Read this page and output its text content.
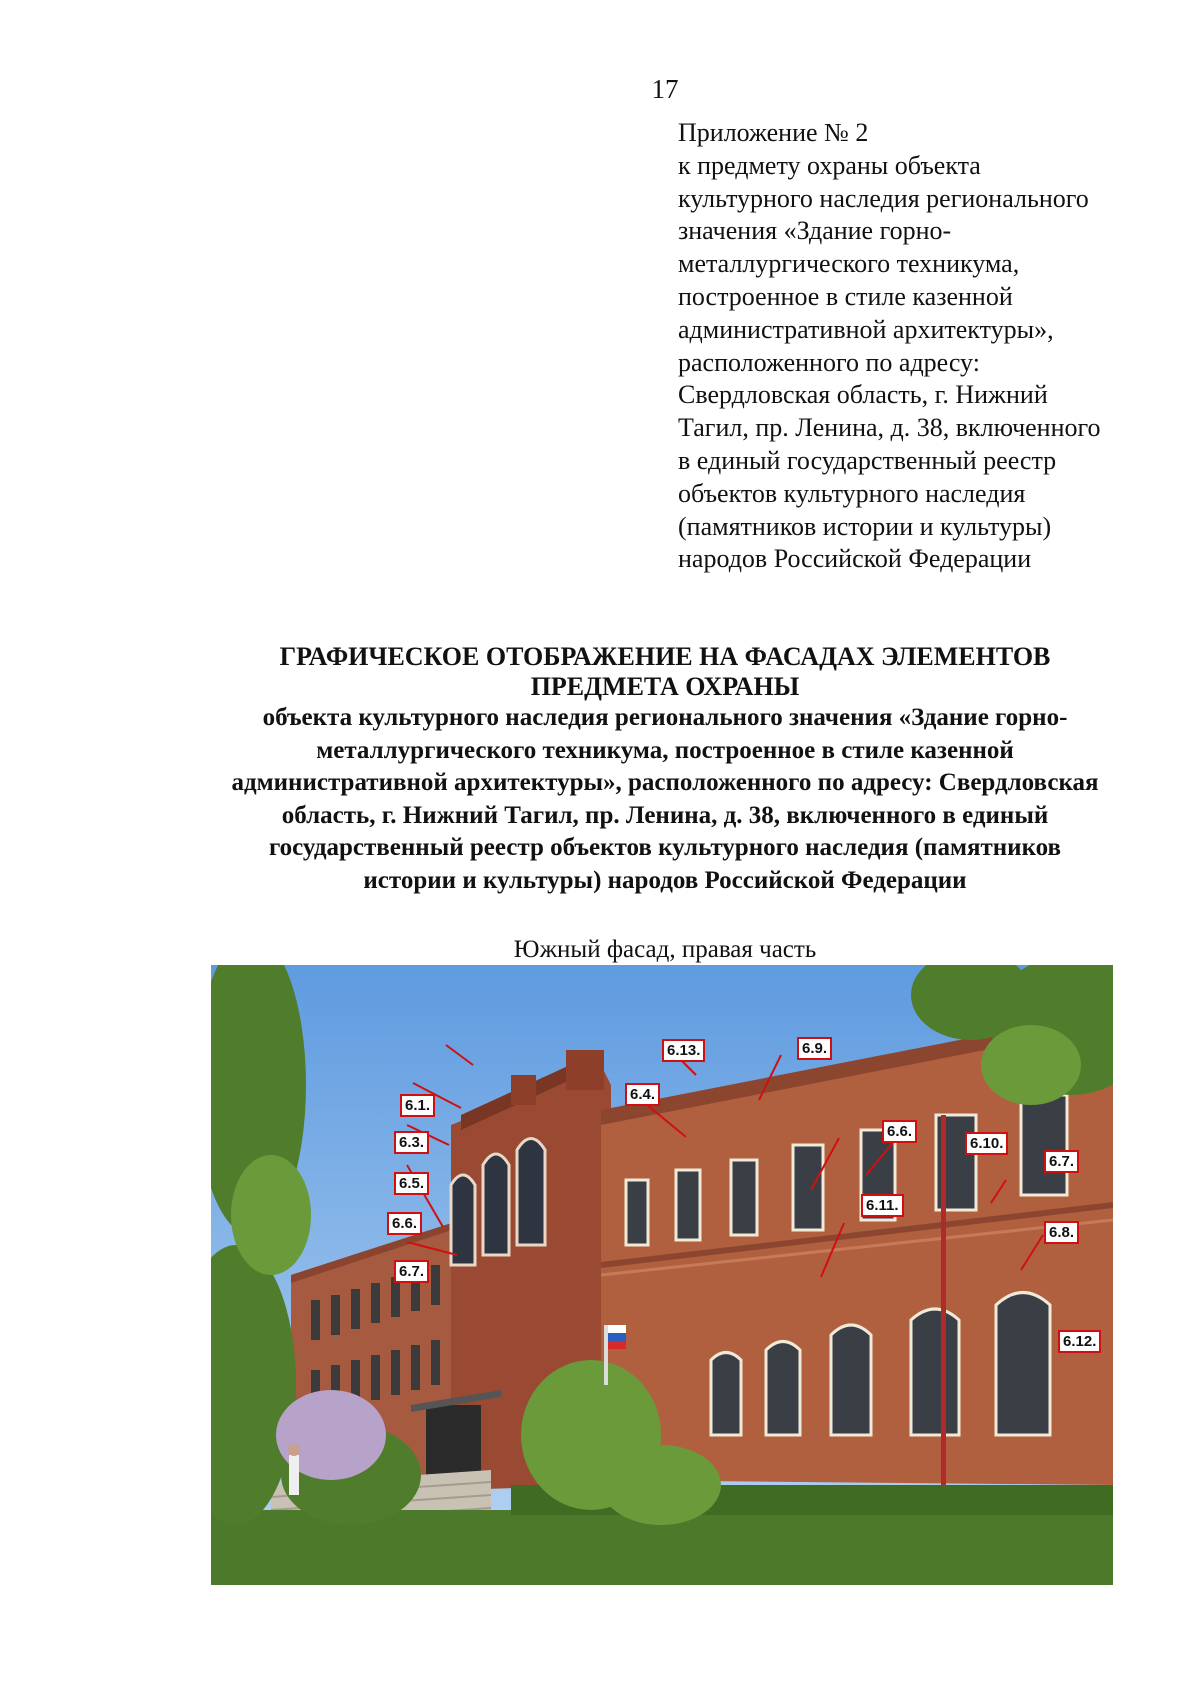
17
Приложение № 2
к предмету охраны объекта
культурного наследия регионального
значения «Здание горно-
металлургического техникума,
построенное в стиле казенной
административной архитектуры»,
расположенного по адресу:
Свердловская область, г. Нижний
Тагил, пр. Ленина, д. 38, включенного
в единый государственный реестр
объектов культурного наследия
(памятников истории и культуры)
народов Российской Федерации
ГРАФИЧЕСКОЕ ОТОБРАЖЕНИЕ НА ФАСАДАХ ЭЛЕМЕНТОВ
ПРЕДМЕТА ОХРАНЫ
объекта культурного наследия регионального значения «Здание горно-
металлургического техникума, построенное в стиле казенной
административной архитектуры», расположенного по адресу: Свердловская
область, г. Нижний Тагил, пр. Ленина, д. 38, включенного в единый
государственный реестр объектов культурного наследия (памятников
истории и культуры) народов Российской Федерации
Южный фасад, правая часть
6.1.
6.3.
6.5.
6.6.
6.7.
6.13.
6.4.
6.9.
6.6.
6.10.
6.11.
6.7.
6.8.
6.12.
